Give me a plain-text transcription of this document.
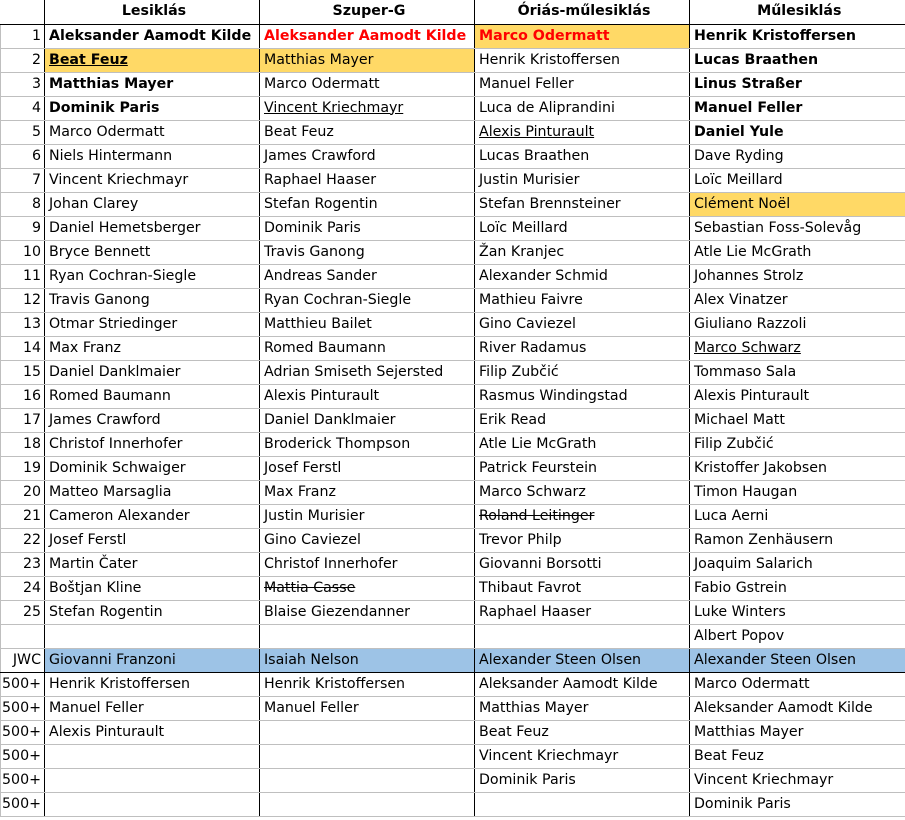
	Lesiklás	Szuper-G	Óriás-műlesiklás	Műlesiklás
1	Aleksander Aamodt Kilde	Aleksander Aamodt Kilde	Marco Odermatt	Henrik Kristoffersen
2	Beat Feuz	Matthias Mayer	Henrik Kristoffersen	Lucas Braathen
3	Matthias Mayer	Marco Odermatt	Manuel Feller	Linus Straßer
4	Dominik Paris	Vincent Kriechmayr	Luca de Aliprandini	Manuel Feller
5	Marco Odermatt	Beat Feuz	Alexis Pinturault	Daniel Yule
6	Niels Hintermann	James Crawford	Lucas Braathen	Dave Ryding
7	Vincent Kriechmayr	Raphael Haaser	Justin Murisier	Loïc Meillard
8	Johan Clarey	Stefan Rogentin	Stefan Brennsteiner	Clément Noël
9	Daniel Hemetsberger	Dominik Paris	Loïc Meillard	Sebastian Foss-Solevåg
10	Bryce Bennett	Travis Ganong	Žan Kranjec	Atle Lie McGrath
11	Ryan Cochran-Siegle	Andreas Sander	Alexander Schmid	Johannes Strolz
12	Travis Ganong	Ryan Cochran-Siegle	Mathieu Faivre	Alex Vinatzer
13	Otmar Striedinger	Matthieu Bailet	Gino Caviezel	Giuliano Razzoli
14	Max Franz	Romed Baumann	River Radamus	Marco Schwarz
15	Daniel Danklmaier	Adrian Smiseth Sejersted	Filip Zubčić	Tommaso Sala
16	Romed Baumann	Alexis Pinturault	Rasmus Windingstad	Alexis Pinturault
17	James Crawford	Daniel Danklmaier	Erik Read	Michael Matt
18	Christof Innerhofer	Broderick Thompson	Atle Lie McGrath	Filip Zubčić
19	Dominik Schwaiger	Josef Ferstl	Patrick Feurstein	Kristoffer Jakobsen
20	Matteo Marsaglia	Max Franz	Marco Schwarz	Timon Haugan
21	Cameron Alexander	Justin Murisier	Roland Leitinger	Luca Aerni
22	Josef Ferstl	Gino Caviezel	Trevor Philp	Ramon Zenhäusern
23	Martin Čater	Christof Innerhofer	Giovanni Borsotti	Joaquim Salarich
24	Boštjan Kline	Mattia Casse	Thibaut Favrot	Fabio Gstrein
25	Stefan Rogentin	Blaise Giezendanner	Raphael Haaser	Luke Winters
				Albert Popov
JWC	Giovanni Franzoni	Isaiah Nelson	Alexander Steen Olsen	Alexander Steen Olsen
500+	Henrik Kristoffersen	Henrik Kristoffersen	Aleksander Aamodt Kilde	Marco Odermatt
500+	Manuel Feller	Manuel Feller	Matthias Mayer	Aleksander Aamodt Kilde
500+	Alexis Pinturault		Beat Feuz	Matthias Mayer
500+			Vincent Kriechmayr	Beat Feuz
500+			Dominik Paris	Vincent Kriechmayr
500+				Dominik Paris
